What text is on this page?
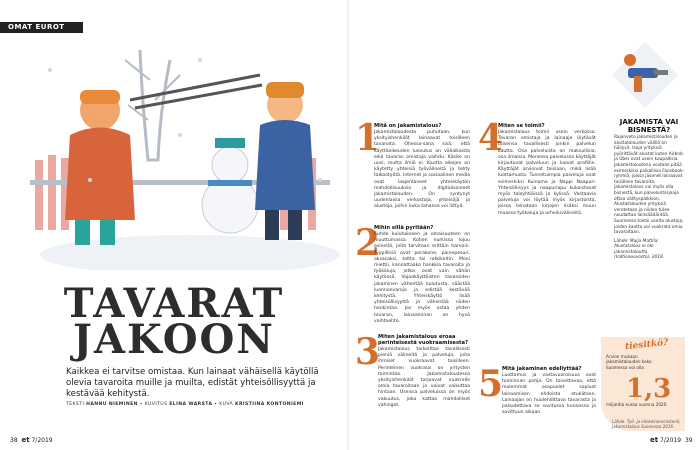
OMAT EUROT
TAVARAT
JAKOON
Kaikkea ei tarvitse omistaa. Kun lainaat vähäisellä käytöllä olevia tavaroita muille ja muilta, edistät yhteisöllisyyttä ja kestävää kehitystä.
TEKSTI HANNU NIEMINEN • KUVITUS ELINA WARSTA • KUVA KRISTIINA KONTONIEMI
38 et 7/2019
1
Mitä on jakamistalous?

Jakamistaloudesta puhutaan, kun yksityishenkilöt lainaavat toisilleen tavaroita. Ohessa-sana sisä, että käyttöoikeuden luovutus on väliaikaista eikä tavaran omistaja vaihdu. Käsite on uusi, mutta ilmiö ei. Kautta aikojen on käytetty yhteisiä työvälineitä ja tehty talkootyötä. Internet ja sosiaalinen media ovat laajentaneet yhteiskäytön mahdollisuuksia ja digitalisoineet jakamistalouden. On syntynyt uudenlaisia verkostoja, yhteisöjä ja alustoja, joihin kuka tahansa voi liittyä.

2
Mihin sillä pyritään?

Suhde kulutukseen ja omaisuuteen on muuttumassa. Kotien nurkissa lojuu esineitä, joita tarvitaan erittäin harvoin. Tyypillisiä ovat porakone, painepesuri, oksasaksi, teltta tai retkikeitin. Moni miettii, kannattaako hankkia tavaroita ja työkaluja, jotka ovat vain vähän käytössä. Vajaakäyttöisten tavaroiden jakaminen vähentää kulutusta, säästää luonnonvaroja ja edistää kestävää kehitystä. Yhteiskäyttö lisää yhteisöllisyyttä ja vähentää niiden hankintaa. Jos myös ostaa yhden tavaran, lainaaminen on hyvä vaihtoehto.

3
Miten jakamistalous eroaa perinteisestä vuokraamisesta?

Jakamistalous tarkoittaa tavallisesti pieniä välineitä ja palveluja, joita ihmiset vuokraavat toisilleen. Perinteinen vuokraus on yritysten toimintaa. Jakamistaloudessa yksityishenkilöt tarjoavat vuokralle omia tavaroitaan ja voivat vaikuttaa hintaan. Useissa palveluissa on myös vakuutus, joka kattaa mahdolliset vahingot.

4
Miten se toimii?

Jakamistalous toimii usein verkossa. Tavaran omistaja ja lainaaja löytävät toisensa tavallisesti jonkin palvelun kautta. Osa palveluista on maksullisia, osa ilmaisia. Monessa palvelussa käyttäjät kirjautuvat palveluun ja luovat profiilin. Käyttäjät arvioivat toisiaan, mikä lisää luottamusta. Tunnetuimpia palveluja ovat esimerkiksi Kuinoma ja Nappi Naapuri. Yhteisöllisyys ja naapuriapu kukoistavat myös taloyhtiöissä ja kylissä. Vastaavia palveluja voi löytää myös kirjastoista, joissa lainataan kirjojen lisäksi muun muassa työkaluja ja urheiluvälineitä.

5
Mitä jakaminen edellyttää?

Luottamus ja vastavuoroisuus ovat toiminnan pohja. On toivottavaa, että molemmat osapuolet sopivat lainaamisen ehdoista etukäteen. Lainaajan on huolehdittava tavarasta ja palautettava se sovitussa kunnossa ja sovittuun aikaan.

JAKAMISTA VAI BISNESTÄ?

Rajanveto jakamistalouden ja alustatalouden välillä on häilyvä. Isoja yrityksiä pyörittävät alustat kuten Airbnb ja Uber ovat usein kaupallisia. Jakamistaloutena voidaan pitää esimerkiksi paikallisia Facebook-ryhmiä, joissa jäsenet lainaavat toisilleen tavaroita. Jakamistalous voi myös olla bisnestä, kun palveluntarjoaja ottaa välityspalkkion. Alustatalouden yrityksiä verotetaan ja niiden tulee noudattaa lainsäädäntöä. Suomessa toimii useita alustoja, joiden kautta voi vuokrata omia tavaroitaan.

Lähde: Maija Mattila: Alustatalous ei ole jakamistaloutta (Valtioneuvosto), 2018.

tiesitkö?
Arvion mukaan jakamistalouden koko Suomessa voi olla
1,3
miljardia euroa vuonna 2020.
Lähde: Työ- ja elinkeinoministeriö, Jakamistalous Suomessa 2016.
et 7/2019 39
